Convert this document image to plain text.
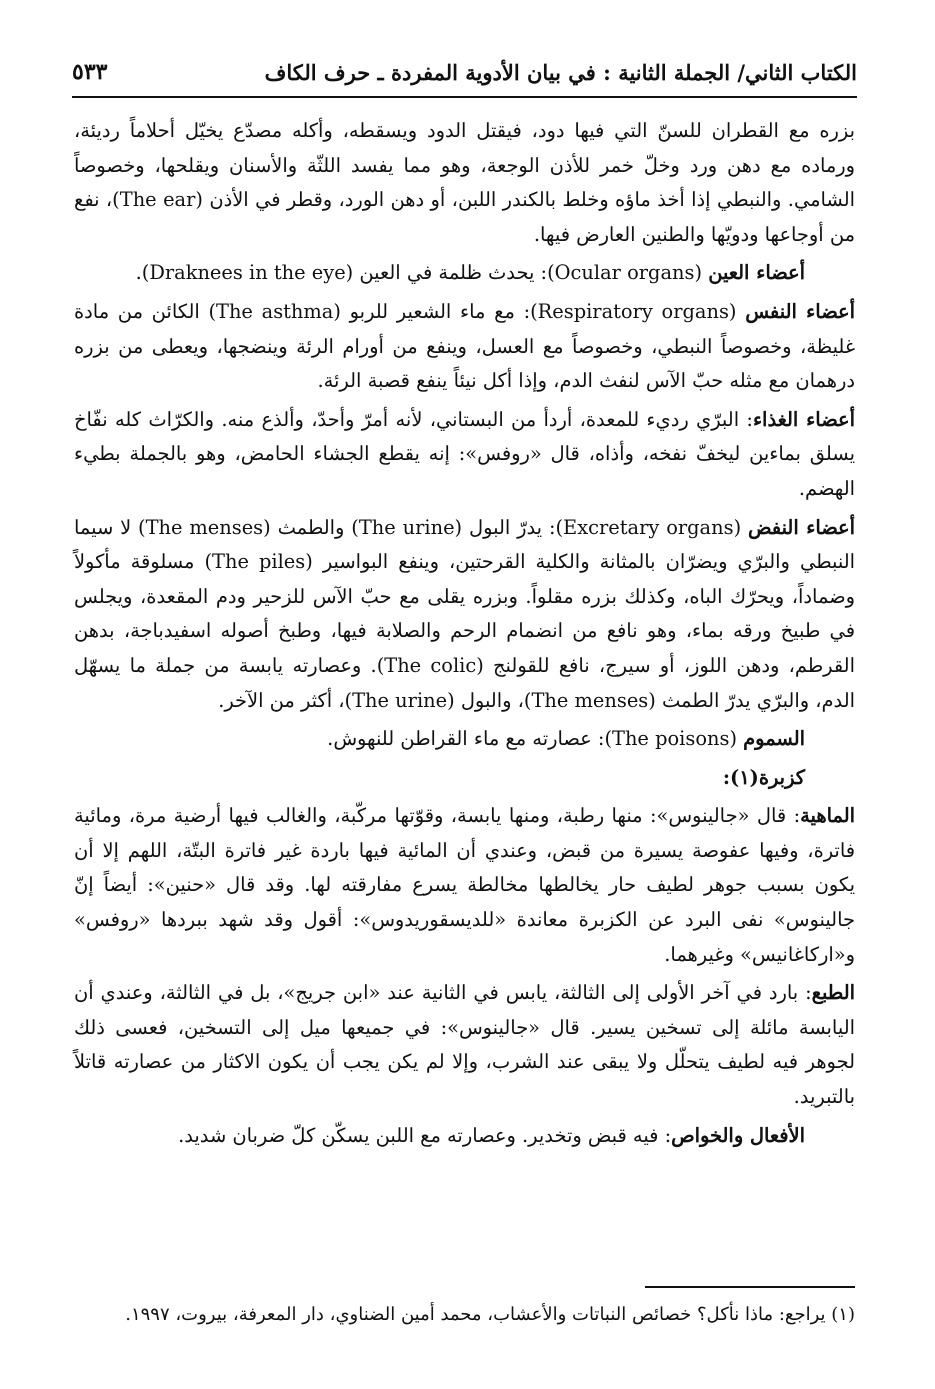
الكتاب الثاني/ الجملة الثانية : في بيان الأدوية المفردة ـ حرف الكاف
٥٣٣

بزره مع القطران للسنّ التي فيها دود، فيقتل الدود ويسقطه، وأكله مصدّع يخيّل أحلاماً رديئة، ورماده مع دهن ورد وخلّ خمر للأذن الوجعة، وهو مما يفسد اللثّة والأسنان ويقلحها، وخصوصاً الشامي. والنبطي إذا أخذ ماؤه وخلط بالكندر اللبن، أو دهن الورد، وقطر في الأذن (The ear)، نفع من أوجاعها ودويّها والطنين العارض فيها.

أعضاء العين (Ocular organs): يحدث ظلمة في العين (Draknees in the eye).

أعضاء النفس (Respiratory organs): مع ماء الشعير للربو (The asthma) الكائن من مادة غليظة، وخصوصاً النبطي، وخصوصاً مع العسل، وينفع من أورام الرئة وينضجها، ويعطى من بزره درهمان مع مثله حبّ الآس لنفث الدم، وإذا أكل نيئاً ينفع قصبة الرئة.

أعضاء الغذاء: البرّي رديء للمعدة، أردأ من البستاني، لأنه أمرّ وأحدّ، وألذع منه. والكرّاث كله نفّاخ يسلق بماءين ليخفّ نفخه، وأذاه، قال «روفس»: إنه يقطع الجشاء الحامض، وهو بالجملة بطيء الهضم.

أعضاء النفض (Excretary organs): يدرّ البول (The urine) والطمث (The menses) لا سيما النبطي والبرّي ويضرّان بالمثانة والكلية القرحتين، وينفع البواسير (The piles) مسلوقة مأكولاً وضماداً، ويحرّك الباه، وكذلك بزره مقلواً. وبزره يقلى مع حبّ الآس للزحير ودم المقعدة، ويجلس في طبيخ ورقه بماء، وهو نافع من انضمام الرحم والصلابة فيها، وطبخ أصوله اسفيدباجة، بدهن القرطم، ودهن اللوز، أو سيرج، نافع للقولنج (The colic). وعصارته يابسة من جملة ما يسهّل الدم، والبرّي يدرّ الطمث (The menses)، والبول (The urine)، أكثر من الآخر.

السموم (The poisons): عصارته مع ماء القراطن للنهوش.

كزبرة(١):

الماهية: قال «جالينوس»: منها رطبة، ومنها يابسة، وقوّتها مركّبة، والغالب فيها أرضية مرة، ومائية فاترة، وفيها عفوصة يسيرة من قبض، وعندي أن المائية فيها باردة غير فاترة البتّة، اللهم إلا أن يكون بسبب جوهر لطيف حار يخالطها مخالطة يسرع مفارقته لها. وقد قال «حنين»: أيضاً إنّ جالينوس» نفى البرد عن الكزبرة معاندة «للديسقوريدوس»: أقول وقد شهد ببردها «روفس» و«اركاغانيس» وغيرهما.

الطبع: بارد في آخر الأولى إلى الثالثة، يابس في الثانية عند «ابن جريج»، بل في الثالثة، وعندي أن اليابسة مائلة إلى تسخين يسير. قال «جالينوس»: في جميعها ميل إلى التسخين، فعسى ذلك لجوهر فيه لطيف يتحلّل ولا يبقى عند الشرب، وإلا لم يكن يجب أن يكون الاكثار من عصارته قاتلاً بالتبريد.

الأفعال والخواص: فيه قبض وتخدير. وعصارته مع اللبن يسكّن كلّ ضربان شديد.

(١) يراجع: ماذا نأكل؟ خصائص النباتات والأعشاب، محمد أمين الضناوي، دار المعرفة، بيروت، ١٩٩٧.
